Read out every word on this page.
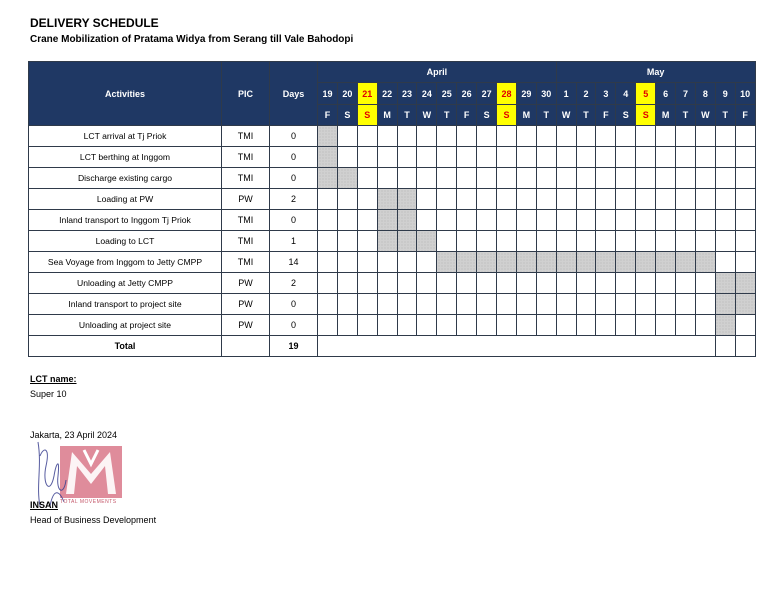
DELIVERY SCHEDULE
Crane Mobilization of Pratama Widya from Serang till Vale Bahodopi
Activities	PIC	Days	April												May									
			19	20	21	22	23	24	25	26	27	28	29	30	1	2	3	4	5	6	7	8	9	10
			F	S	S	M	T	W	T	F	S	S	M	T	W	T	F	S	S	M	T	W	T	F
LCT arrival at Tj Priok	TMI	0																						
LCT berthing at Inggom	TMI	0																						
Discharge existing cargo	TMI	0																						
Loading at PW	PW	2																						
Inland transport to Inggom Tj Priok	TMI	0																						
Loading to LCT	TMI	1																						
Sea Voyage from Inggom to Jetty CMPP	TMI	14																						
Unloading at Jetty CMPP	PW	2																						
Inland transport to project site	PW	0																						
Unloading at project site	PW	0																						
Total		19																						
LCT name:
Super 10
Jakarta, 23 April 2024
TOTAL MOVEMENTS
INSAN
Head of Business Development
